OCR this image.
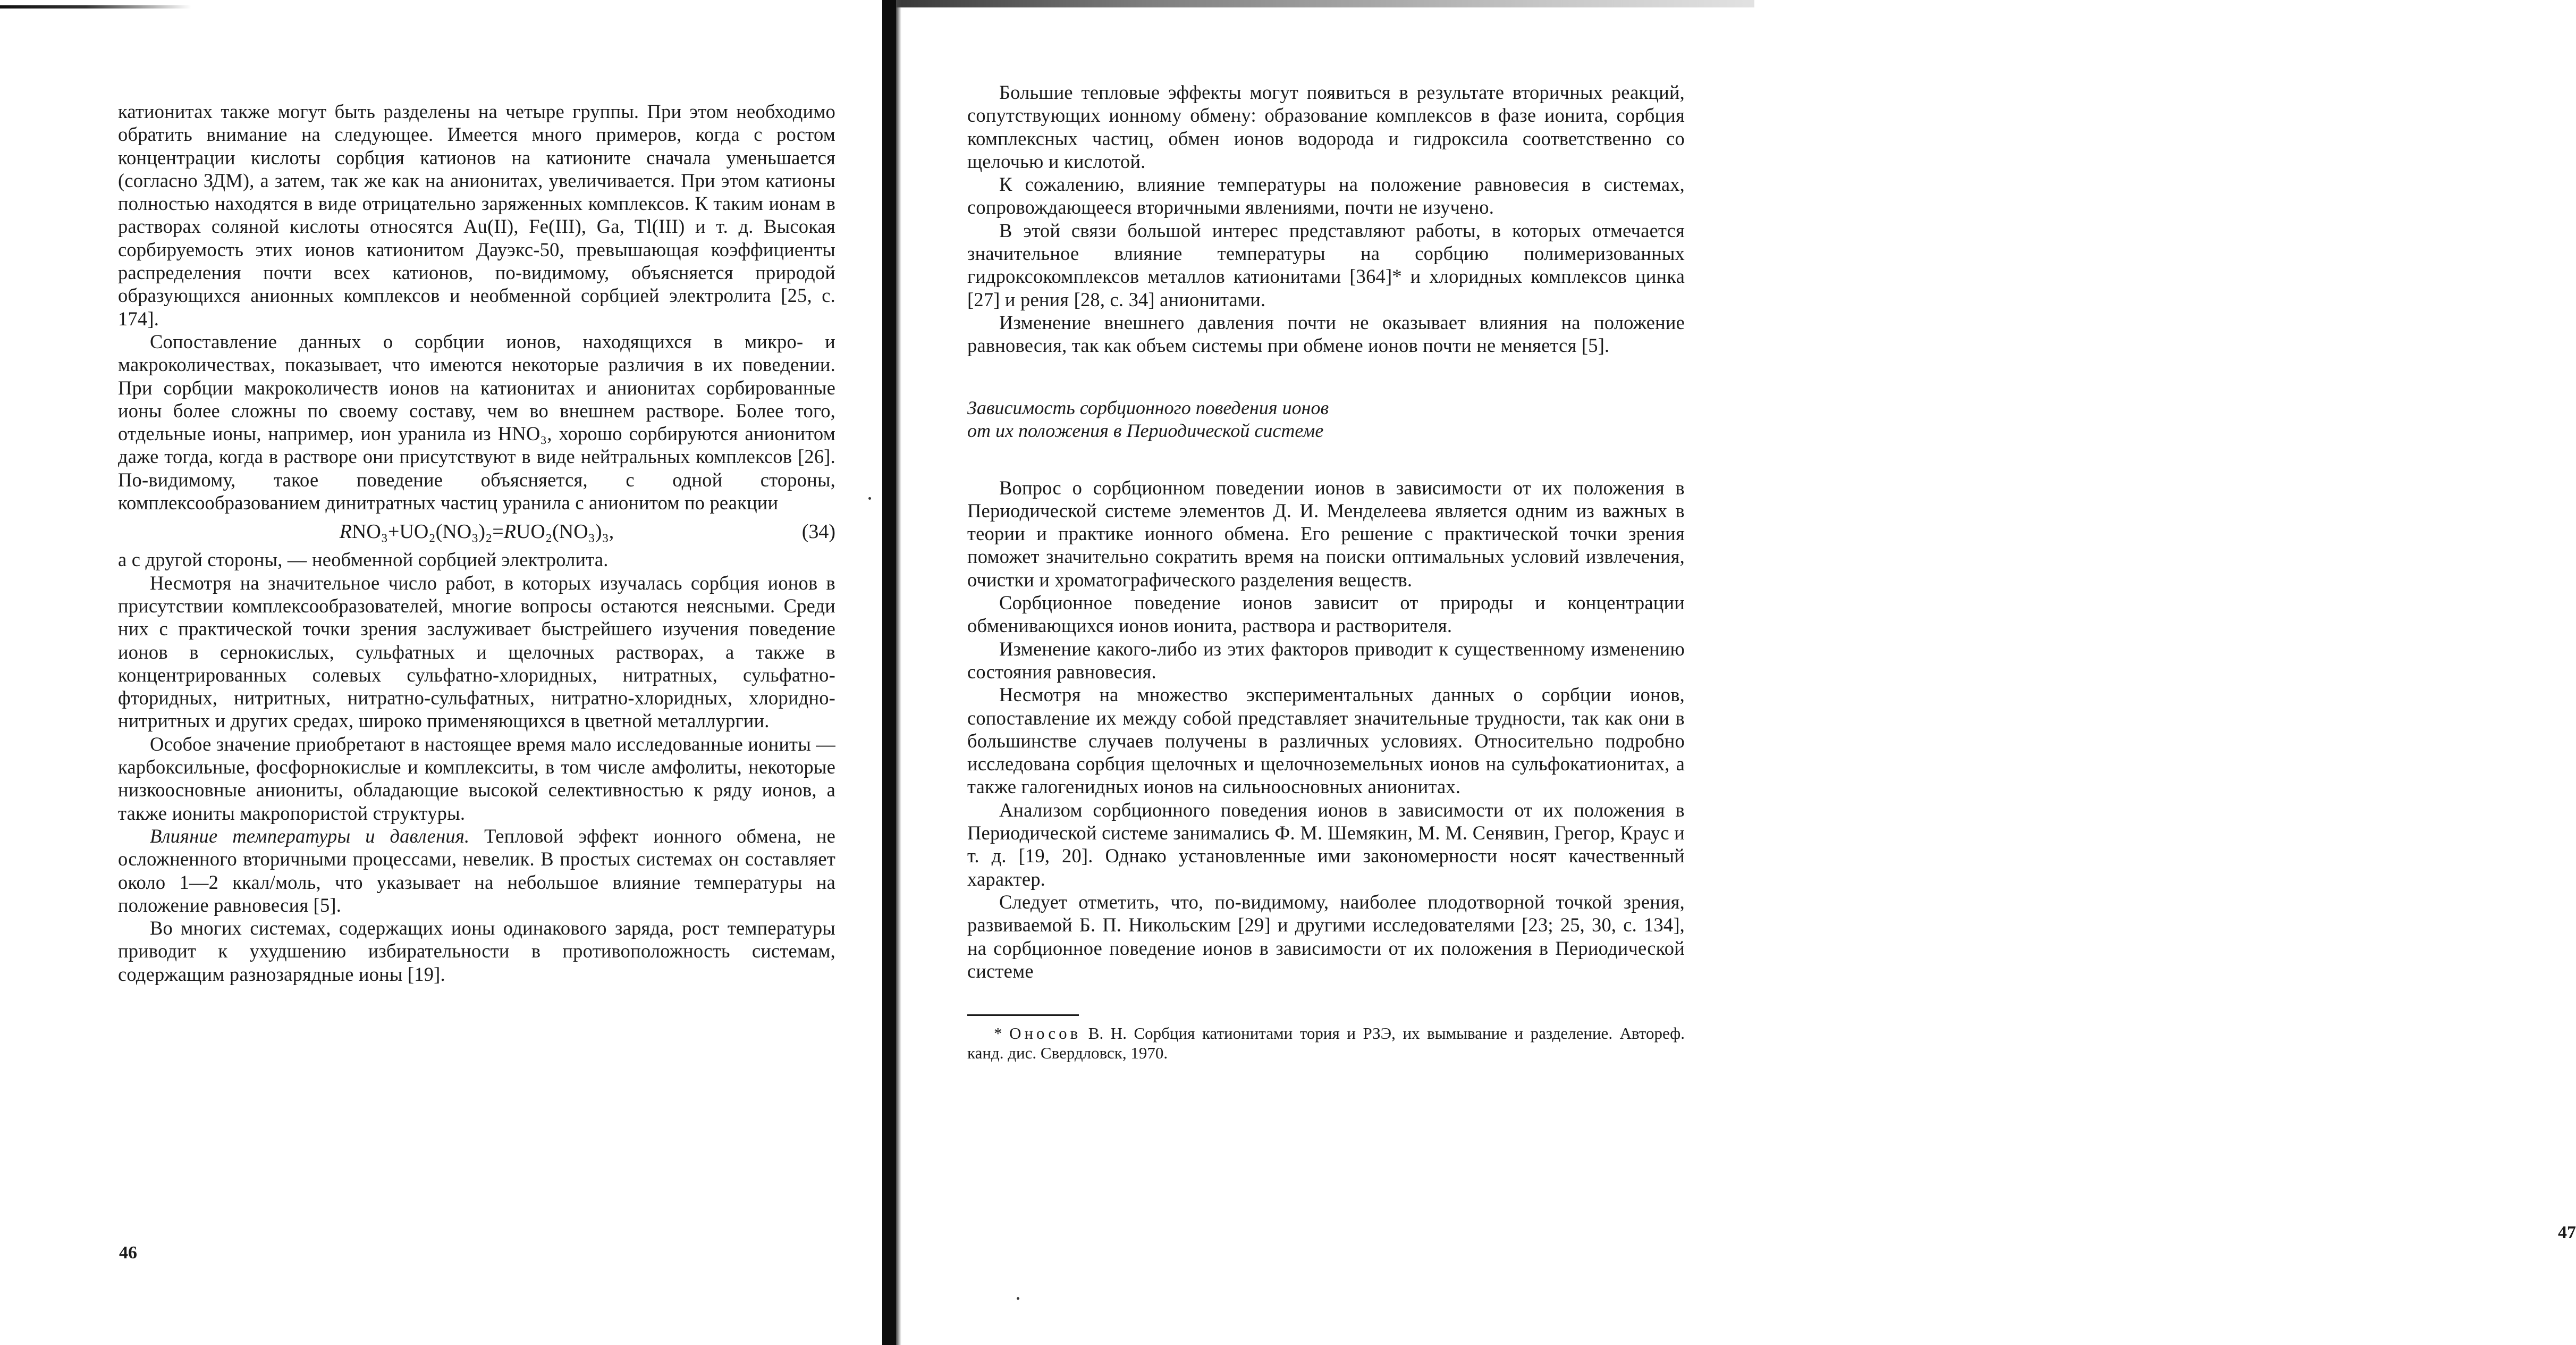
катионитах также могут быть разделены на четыре группы. При этом необходимо обратить внимание на следующее. Имеется много примеров, когда с ростом концентрации кислоты сорбция катионов на катионите сначала уменьшается (согласно ЗДМ), а затем, так же как на анионитах, увеличивается. При этом катионы полностью находятся в виде отрицательно заряженных комплексов. К таким ионам в растворах соляной кислоты относятся Au(II), Fe(III), Ga, Tl(III) и т. д. Высокая сорбируемость этих ионов катионитом Дауэкс-50, превышающая коэффициенты распределения почти всех катионов, по-видимому, объясняется природой образующихся анионных комплексов и необменной сорбцией электролита [25, с. 174].

Сопоставление данных о сорбции ионов, находящихся в микро- и макроколичествах, показывает, что имеются некоторые различия в их поведении. При сорбции макроколичеств ионов на катионитах и анионитах сорбированные ионы более сложны по своему составу, чем во внешнем растворе. Более того, отдельные ионы, например, ион уранила из HNO₃, хорошо сорбируются анионитом даже тогда, когда в растворе они присутствуют в виде нейтральных комплексов [26]. По-видимому, такое поведение объясняется, с одной стороны, комплексообразованием динитратных частиц уранила с анионитом по реакции

RNO₃+UO₂(NO₃)₂=RUO₂(NO₃)₃,	(34)

а с другой стороны, — необменной сорбцией электролита.

Несмотря на значительное число работ, в которых изучалась сорбция ионов в присутствии комплексообразователей, многие вопросы остаются неясными. Среди них с практической точки зрения заслуживает быстрейшего изучения поведение ионов в сернокислых, сульфатных и щелочных растворах, а также в концентрированных солевых сульфатно-хлоридных, нитратных, сульфатно-фторидных, нитритных, нитратно-сульфатных, нитратно-хлоридных, хлоридно-нитритных и других средах, широко применяющихся в цветной металлургии.

Особое значение приобретают в настоящее время мало исследованные иониты — карбоксильные, фосфорнокислые и комплекситы, в том числе амфолиты, некоторые низкоосновные аниониты, обладающие высокой селективностью к ряду ионов, а также иониты макропористой структуры.

Влияние температуры и давления. Тепловой эффект ионного обмена, не осложненного вторичными процессами, невелик. В простых системах он составляет около 1—2 ккал/моль, что указывает на небольшое влияние температуры на положение равновесия [5].

Во многих системах, содержащих ионы одинакового заряда, рост температуры приводит к ухудшению избирательности в противоположность системам, содержащим разнозарядные ионы [19].

46

Большие тепловые эффекты могут появиться в результате вторичных реакций, сопутствующих ионному обмену: образование комплексов в фазе ионита, сорбция комплексных частиц, обмен ионов водорода и гидроксила соответственно со щелочью и кислотой.

К сожалению, влияние температуры на положение равновесия в системах, сопровождающееся вторичными явлениями, почти не изучено.

В этой связи большой интерес представляют работы, в которых отмечается значительное влияние температуры на сорбцию полимеризованных гидроксокомплексов металлов катионитами [364]* и хлоридных комплексов цинка [27] и рения [28, с. 34] анионитами.

Изменение внешнего давления почти не оказывает влияния на положение равновесия, так как объем системы при обмене ионов почти не меняется [5].

Зависимость сорбционного поведения ионов
от их положения в Периодической системе

Вопрос о сорбционном поведении ионов в зависимости от их положения в Периодической системе элементов Д. И. Менделеева является одним из важных в теории и практике ионного обмена. Его решение с практической точки зрения поможет значительно сократить время на поиски оптимальных условий извлечения, очистки и хроматографического разделения веществ.

Сорбционное поведение ионов зависит от природы и концентрации обменивающихся ионов ионита, раствора и растворителя.

Изменение какого-либо из этих факторов приводит к существенному изменению состояния равновесия.

Несмотря на множество экспериментальных данных о сорбции ионов, сопоставление их между собой представляет значительные трудности, так как они в большинстве случаев получены в различных условиях. Относительно подробно исследована сорбция щелочных и щелочноземельных ионов на сульфокатионитах, а также галогенидных ионов на сильноосновных анионитах.

Анализом сорбционного поведения ионов в зависимости от их положения в Периодической системе занимались Ф. М. Шемякин, М. М. Сенявин, Грегор, Краус и т. д. [19, 20]. Однако установленные ими закономерности носят качественный характер.

Следует отметить, что, по-видимому, наиболее плодотворной точкой зрения, развиваемой Б. П. Никольским [29] и другими исследователями [23; 25, 30, с. 134], на сорбционное поведение ионов в зависимости от их положения в Периодической системе

* Оносов В. Н. Сорбция катионитами тория и РЗЭ, их вымывание и разделение. Автореф. канд. дис. Свердловск, 1970.

47
